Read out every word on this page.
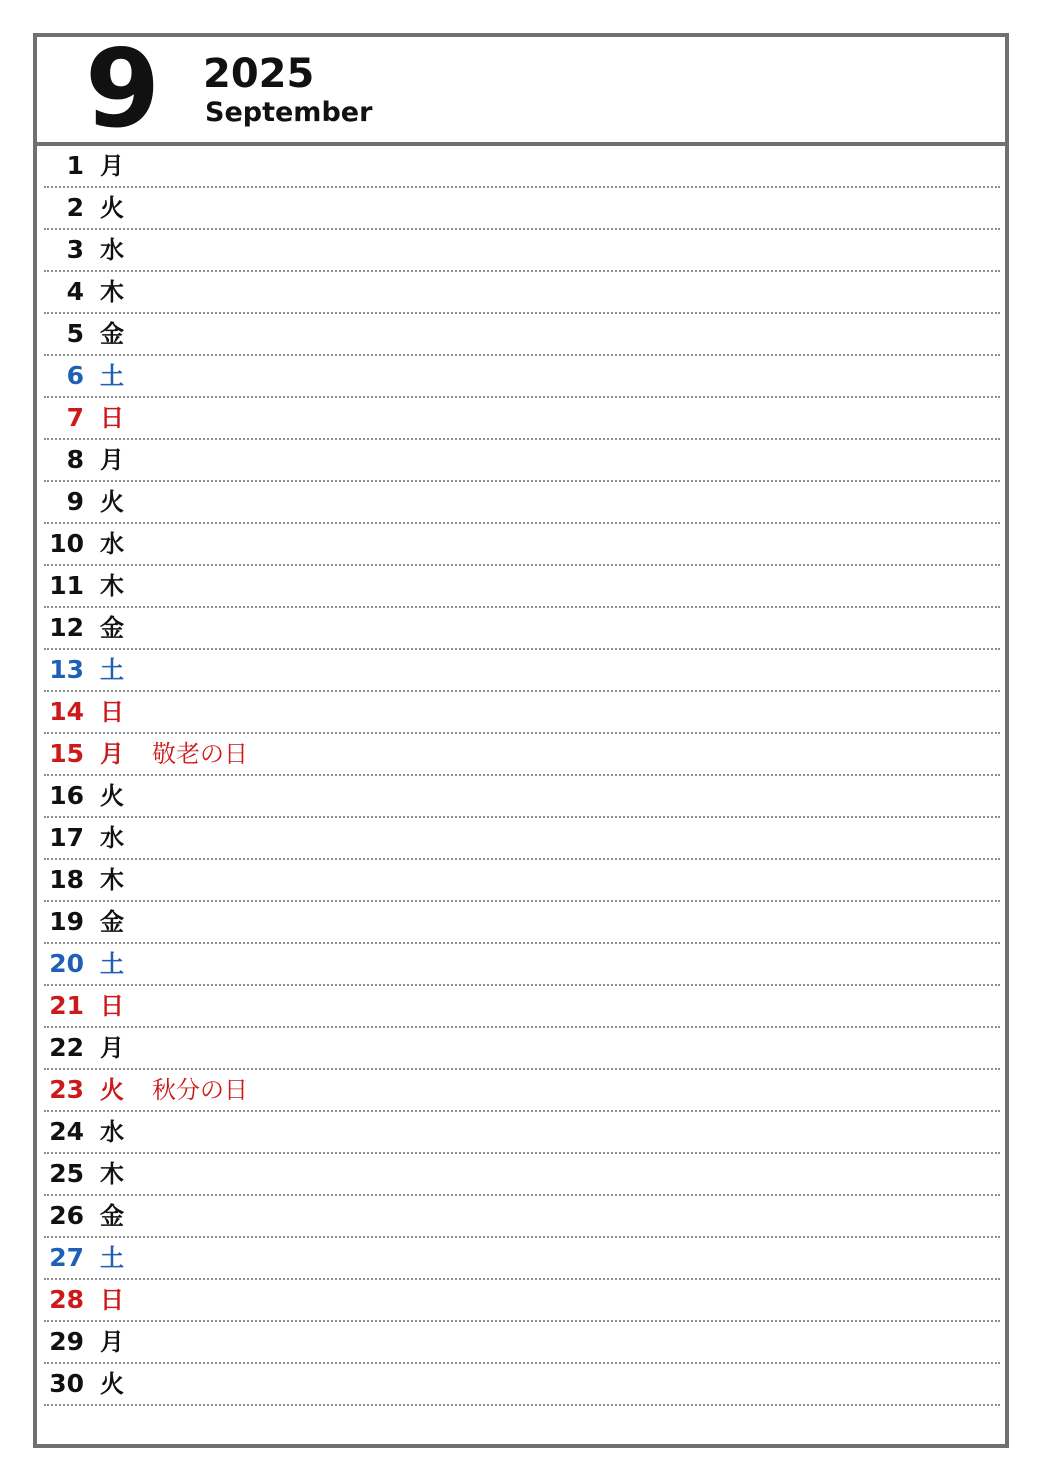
9 2025
September
1 月
2 火
3 水
4 木
5 金
6 土
7 日
8 月
9 火
10 水
11 木
12 金
13 土
14 日
15 月 敬老の日
16 火
17 水
18 木
19 金
20 土
21 日
22 月
23 火 秋分の日
24 水
25 木
26 金
27 土
28 日
29 月
30 火
